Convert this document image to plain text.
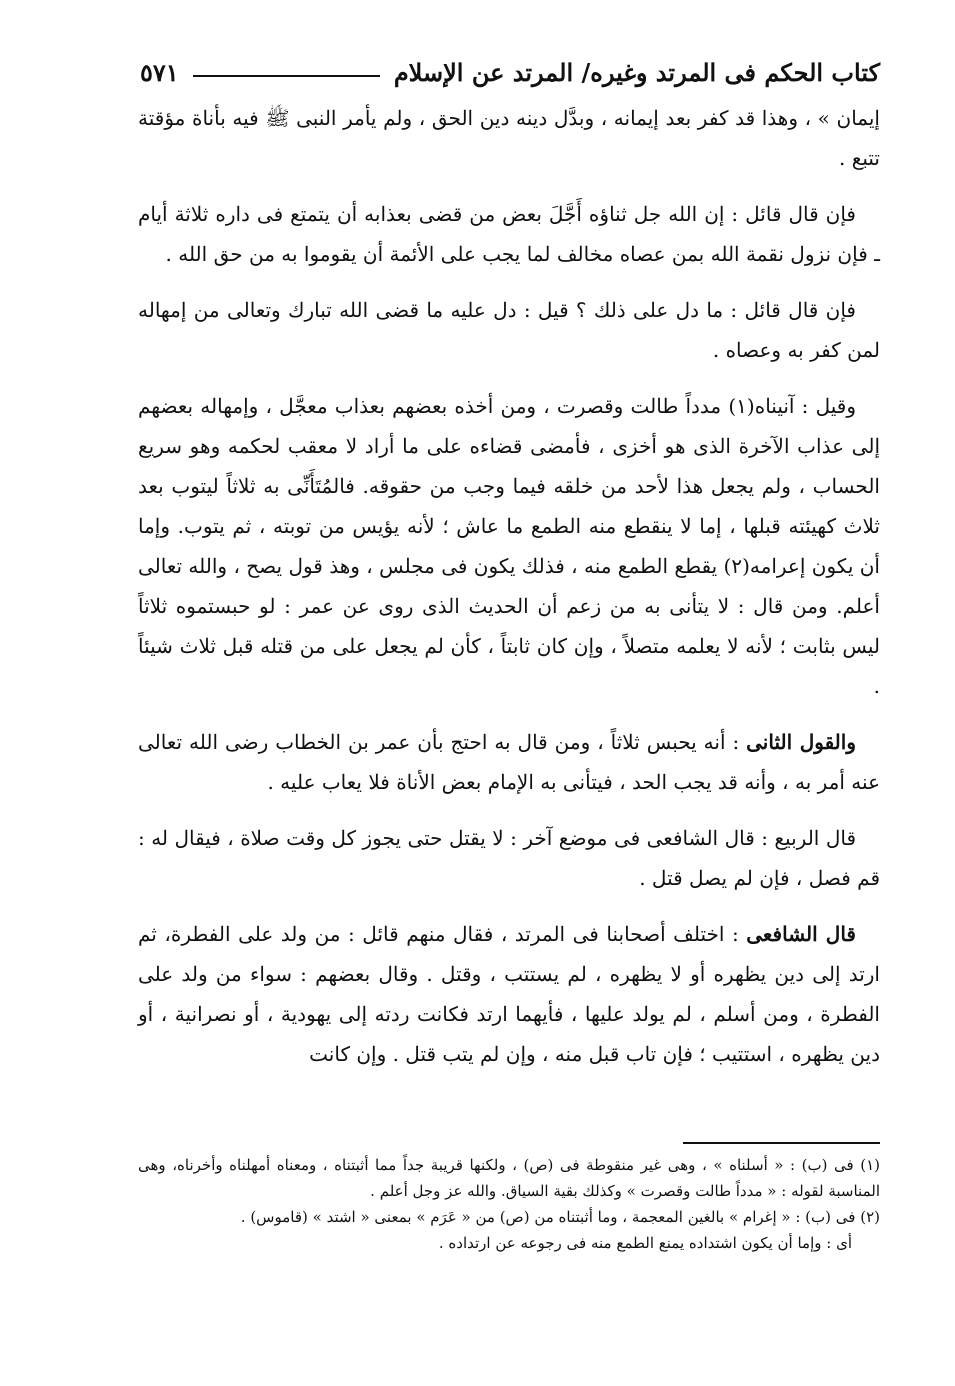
كتاب الحكم فى المرتد وغيره/ المرتد عن الإسلام
٥٧١

إيمان » ، وهذا قد كفر بعد إيمانه ، وبدَّل دينه دين الحق ، ولم يأمر النبى ﷺ فيه بأناة مؤقتة تتبع .

فإن قال قائل : إن الله جل ثناؤه أَجَّلَ بعض من قضى بعذابه أن يتمتع فى داره ثلاثة أيام ـ فإن نزول نقمة الله بمن عصاه مخالف لما يجب على الأئمة أن يقوموا به من حق الله .

فإن قال قائل : ما دل على ذلك ؟ قيل : دل عليه ما قضى الله تبارك وتعالى من إمهاله لمن كفر به وعصاه .

وقيل : آنيناه(١) مدداً طالت وقصرت ، ومن أخذه بعضهم بعذاب معجَّل ، وإمهاله بعضهم إلى عذاب الآخرة الذى هو أخزى ، فأمضى قضاءه على ما أراد لا معقب لحكمه وهو سريع الحساب ، ولم يجعل هذا لأحد من خلقه فيما وجب من حقوقه. فالمُتَأَنِّى به ثلاثاً ليتوب بعد ثلاث كهيئته قبلها ، إما لا ينقطع منه الطمع ما عاش ؛ لأنه يؤيس من توبته ، ثم يتوب. وإما أن يكون إعرامه(٢) يقطع الطمع منه ، فذلك يكون فى مجلس ، وهذ قول يصح ، والله تعالى أعلم. ومن قال : لا يتأنى به من زعم أن الحديث الذى روى عن عمر : لو حبستموه ثلاثاً ليس بثابت ؛ لأنه لا يعلمه متصلاً ، وإن كان ثابتاً ، كأن لم يجعل على من قتله قبل ثلاث شيئاً .

والقول الثانى : أنه يحبس ثلاثاً ، ومن قال به احتج بأن عمر بن الخطاب رضى الله تعالى عنه أمر به ، وأنه قد يجب الحد ، فيتأنى به الإمام بعض الأناة فلا يعاب عليه .

قال الربيع : قال الشافعى فى موضع آخر : لا يقتل حتى يجوز كل وقت صلاة ، فيقال له : قم فصل ، فإن لم يصل قتل .

قال الشافعى : اختلف أصحابنا فى المرتد ، فقال منهم قائل : من ولد على الفطرة، ثم ارتد إلى دين يظهره أو لا يظهره ، لم يستتب ، وقتل . وقال بعضهم : سواء من ولد على الفطرة ، ومن أسلم ، لم يولد عليها ، فأيهما ارتد فكانت ردته إلى يهودية ، أو نصرانية ، أو دين يظهره ، استتيب ؛ فإن تاب قبل منه ، وإن لم يتب قتل . وإن كانت

(١) فى (ب) : « أسلناه » ، وهى غير منقوطة فى (ص) ، ولكنها قريبة جداً مما أثبتناه ، ومعناه أمهلناه وأخرناه، وهى المناسبة لقوله : « مدداً طالت وقصرت » وكذلك بقية السياق. والله عز وجل أعلم .

(٢) فى (ب) : « إغرام » بالغين المعجمة ، وما أثبتناه من (ص) من « عَرَم » بمعنى « اشتد » (قاموس) .

أى : وإما أن يكون اشتداده يمنع الطمع منه فى رجوعه عن ارتداده .
